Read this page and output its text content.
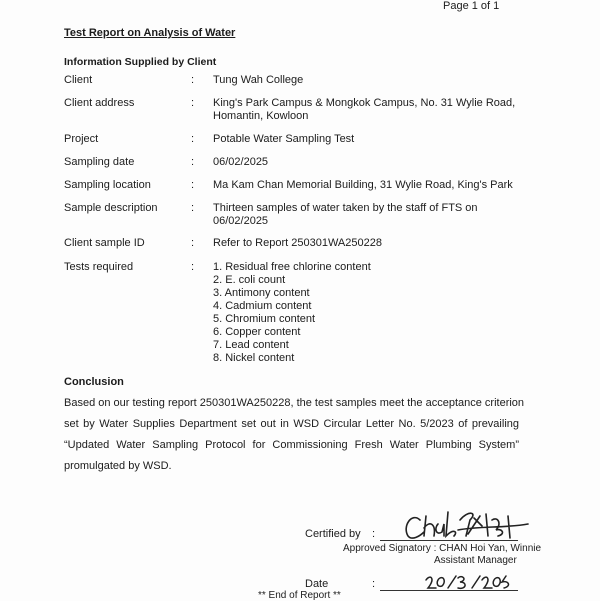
Page 1 of 1
Test Report on Analysis of Water
Information Supplied by Client
Client	: Tung Wah College
Client address	: King's Park Campus & Mongkok Campus, No. 31 Wylie Road,
Homantin, Kowloon
Project	: Potable Water Sampling Test
Sampling date	: 06/02/2025
Sampling location	: Ma Kam Chan Memorial Building, 31 Wylie Road, King's Park
Sample description	: Thirteen samples of water taken by the staff of FTS on
06/02/2025
Client sample ID	: Refer to Report 250301WA250228
Tests required	: 1. Residual free chlorine content
2. E. coli count
3. Antimony content
4. Cadmium content
5. Chromium content
6. Copper content
7. Lead content
8. Nickel content
Conclusion
Based on our testing report 250301WA250228, the test samples meet the acceptance criterion
set by Water Supplies Department set out in WSD Circular Letter No. 5/2023 of prevailing
“Updated Water Sampling Protocol for Commissioning Fresh Water Plumbing System”
promulgated by WSD.
Certified by :
Approved Signatory : CHAN Hoi Yan, Winnie
Assistant Manager
Date	:
** End of Report **
